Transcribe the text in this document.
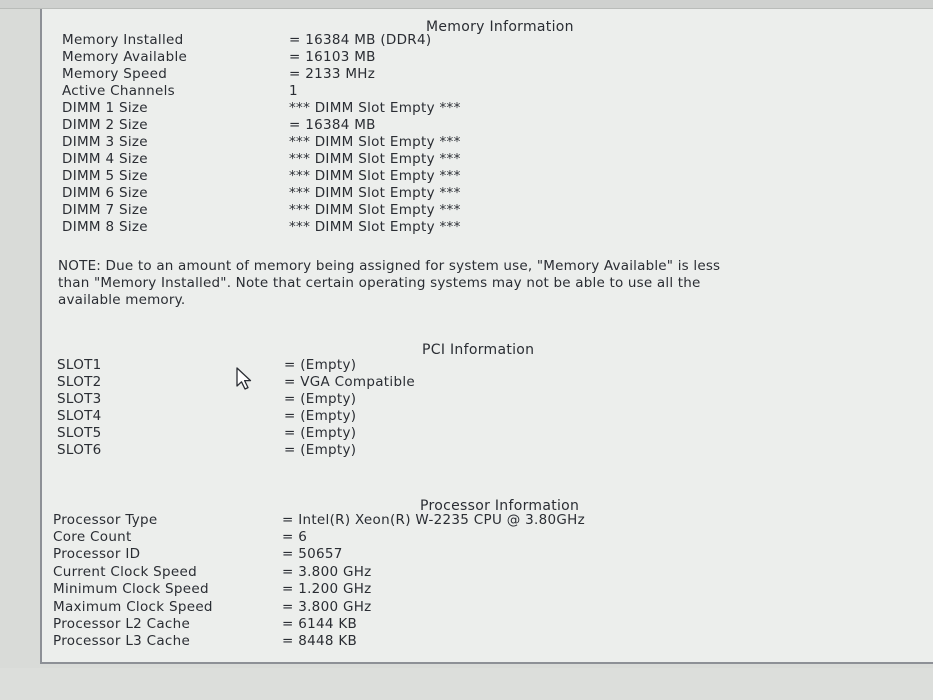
Memory Information
Memory Installed	= 16384 MB (DDR4)
Memory Available	= 16103 MB
Memory Speed	= 2133 MHz
Active Channels	1
DIMM 1 Size	*** DIMM Slot Empty ***
DIMM 2 Size	= 16384 MB
DIMM 3 Size	*** DIMM Slot Empty ***
DIMM 4 Size	*** DIMM Slot Empty ***
DIMM 5 Size	*** DIMM Slot Empty ***
DIMM 6 Size	*** DIMM Slot Empty ***
DIMM 7 Size	*** DIMM Slot Empty ***
DIMM 8 Size	*** DIMM Slot Empty ***
NOTE: Due to an amount of memory being assigned for system use, "Memory Available" is less
than "Memory Installed". Note that certain operating systems may not be able to use all the
available memory.
PCI Information
SLOT1	= (Empty)
SLOT2	= VGA Compatible
SLOT3	= (Empty)
SLOT4	= (Empty)
SLOT5	= (Empty)
SLOT6	= (Empty)
Processor Information
Processor Type	= Intel(R) Xeon(R) W-2235 CPU @ 3.80GHz
Core Count	= 6
Processor ID	= 50657
Current Clock Speed	= 3.800 GHz
Minimum Clock Speed	= 1.200 GHz
Maximum Clock Speed	= 3.800 GHz
Processor L2 Cache	= 6144 KB
Processor L3 Cache	= 8448 KB
